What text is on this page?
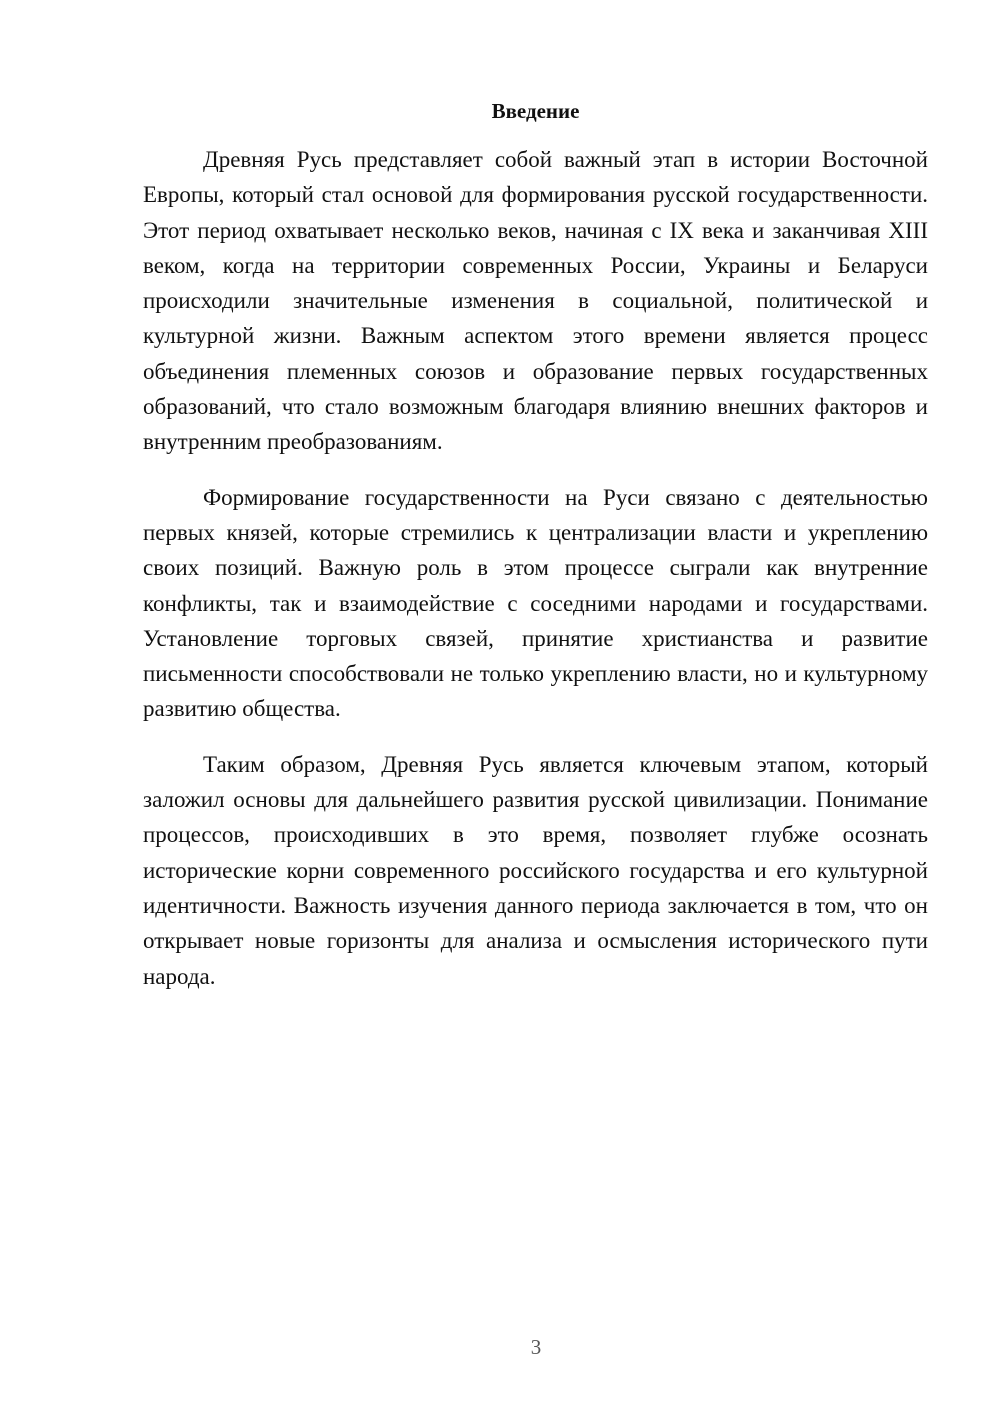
Введение

Древняя Русь представляет собой важный этап в истории Восточной Европы, который стал основой для формирования русской государственности. Этот период охватывает несколько веков, начиная с IX века и заканчивая XIII веком, когда на территории современных России, Украины и Беларуси происходили значительные изменения в социальной, политической и культурной жизни. Важным аспектом этого времени является процесс объединения племенных союзов и образование первых государственных образований, что стало возможным благодаря влиянию внешних факторов и внутренним преобразованиям.

Формирование государственности на Руси связано с деятельностью первых князей, которые стремились к централизации власти и укреплению своих позиций. Важную роль в этом процессе сыграли как внутренние конфликты, так и взаимодействие с соседними народами и государствами. Установление торговых связей, принятие христианства и развитие письменности способствовали не только укреплению власти, но и культурному развитию общества.

Таким образом, Древняя Русь является ключевым этапом, который заложил основы для дальнейшего развития русской цивилизации. Понимание процессов, происходивших в это время, позволяет глубже осознать исторические корни современного российского государства и его культурной идентичности. Важность изучения данного периода заключается в том, что он открывает новые горизонты для анализа и осмысления исторического пути народа.

3
